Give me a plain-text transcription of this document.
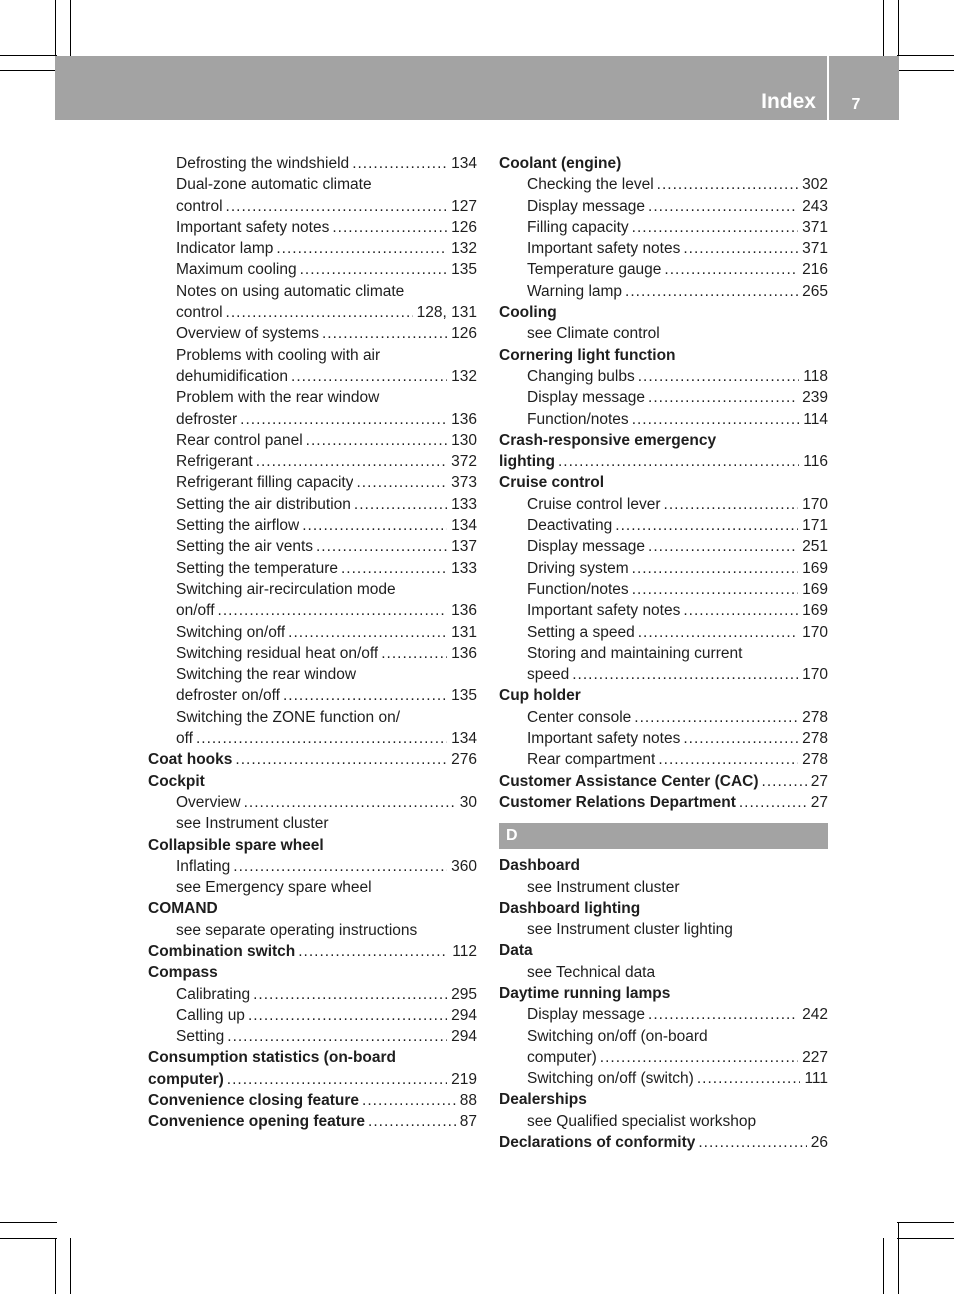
Index	7
Defrosting the windshield .....	134
Dual-zone automatic climate
control .....	127
Important safety notes .....	126
Indicator lamp .....	132
Maximum cooling .....	135
Notes on using automatic climate
control .....	128, 131
Overview of systems .....	126
Problems with cooling with air
dehumidification .....	132
Problem with the rear window
defroster .....	136
Rear control panel .....	130
Refrigerant .....	372
Refrigerant filling capacity .....	373
Setting the air distribution .....	133
Setting the airflow .....	134
Setting the air vents .....	137
Setting the temperature .....	133
Switching air-recirculation mode
on/off .....	136
Switching on/off .....	131
Switching residual heat on/off .....	136
Switching the rear window
defroster on/off .....	135
Switching the ZONE function on/
off .....	134
Coat hooks .....	276
Cockpit
Overview .....	30
see Instrument cluster
Collapsible spare wheel
Inflating .....	360
see Emergency spare wheel
COMAND
see separate operating instructions
Combination switch .....	112
Compass
Calibrating .....	295
Calling up .....	294
Setting .....	294
Consumption statistics (on-board
computer) .....	219
Convenience closing feature .....	88
Convenience opening feature .....	87
Coolant (engine)
Checking the level .....	302
Display message .....	243
Filling capacity .....	371
Important safety notes .....	371
Temperature gauge .....	216
Warning lamp .....	265
Cooling
see Climate control
Cornering light function
Changing bulbs .....	118
Display message .....	239
Function/notes .....	114
Crash-responsive emergency
lighting .....	116
Cruise control
Cruise control lever .....	170
Deactivating .....	171
Display message .....	251
Driving system .....	169
Function/notes .....	169
Important safety notes .....	169
Setting a speed .....	170
Storing and maintaining current
speed .....	170
Cup holder
Center console .....	278
Important safety notes .....	278
Rear compartment .....	278
Customer Assistance Center (CAC) .....	27
Customer Relations Department .....	27
D
Dashboard
see Instrument cluster
Dashboard lighting
see Instrument cluster lighting
Data
see Technical data
Daytime running lamps
Display message .....	242
Switching on/off (on-board
computer) .....	227
Switching on/off (switch) .....	111
Dealerships
see Qualified specialist workshop
Declarations of conformity .....	26
